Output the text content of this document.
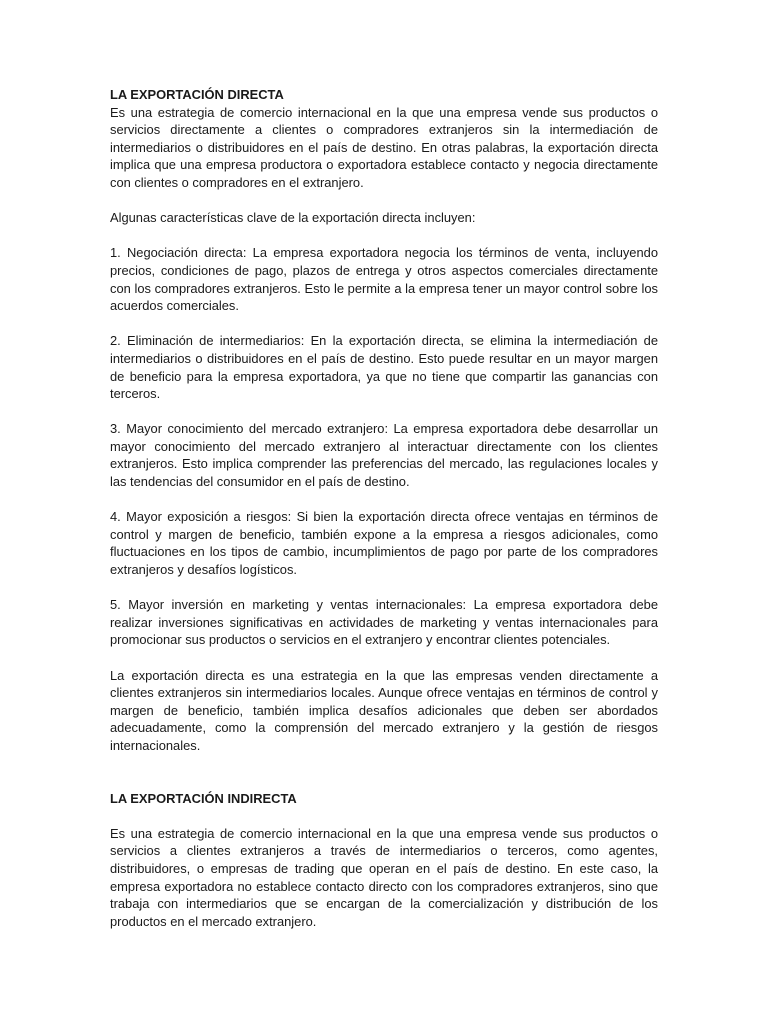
LA EXPORTACIÓN DIRECTA

Es una estrategia de comercio internacional en la que una empresa vende sus productos o servicios directamente a clientes o compradores extranjeros sin la intermediación de intermediarios o distribuidores en el país de destino. En otras palabras, la exportación directa implica que una empresa productora o exportadora establece contacto y negocia directamente con clientes o compradores en el extranjero.

Algunas características clave de la exportación directa incluyen:

1. Negociación directa: La empresa exportadora negocia los términos de venta, incluyendo precios, condiciones de pago, plazos de entrega y otros aspectos comerciales directamente con los compradores extranjeros. Esto le permite a la empresa tener un mayor control sobre los acuerdos comerciales.

2. Eliminación de intermediarios: En la exportación directa, se elimina la intermediación de intermediarios o distribuidores en el país de destino. Esto puede resultar en un mayor margen de beneficio para la empresa exportadora, ya que no tiene que compartir las ganancias con terceros.

3. Mayor conocimiento del mercado extranjero: La empresa exportadora debe desarrollar un mayor conocimiento del mercado extranjero al interactuar directamente con los clientes extranjeros. Esto implica comprender las preferencias del mercado, las regulaciones locales y las tendencias del consumidor en el país de destino.

4. Mayor exposición a riesgos: Si bien la exportación directa ofrece ventajas en términos de control y margen de beneficio, también expone a la empresa a riesgos adicionales, como fluctuaciones en los tipos de cambio, incumplimientos de pago por parte de los compradores extranjeros y desafíos logísticos.

5. Mayor inversión en marketing y ventas internacionales: La empresa exportadora debe realizar inversiones significativas en actividades de marketing y ventas internacionales para promocionar sus productos o servicios en el extranjero y encontrar clientes potenciales.

La exportación directa es una estrategia en la que las empresas venden directamente a clientes extranjeros sin intermediarios locales. Aunque ofrece ventajas en términos de control y margen de beneficio, también implica desafíos adicionales que deben ser abordados adecuadamente, como la comprensión del mercado extranjero y la gestión de riesgos internacionales.

LA EXPORTACIÓN INDIRECTA

Es una estrategia de comercio internacional en la que una empresa vende sus productos o servicios a clientes extranjeros a través de intermediarios o terceros, como agentes, distribuidores, o empresas de trading que operan en el país de destino. En este caso, la empresa exportadora no establece contacto directo con los compradores extranjeros, sino que trabaja con intermediarios que se encargan de la comercialización y distribución de los productos en el mercado extranjero.
